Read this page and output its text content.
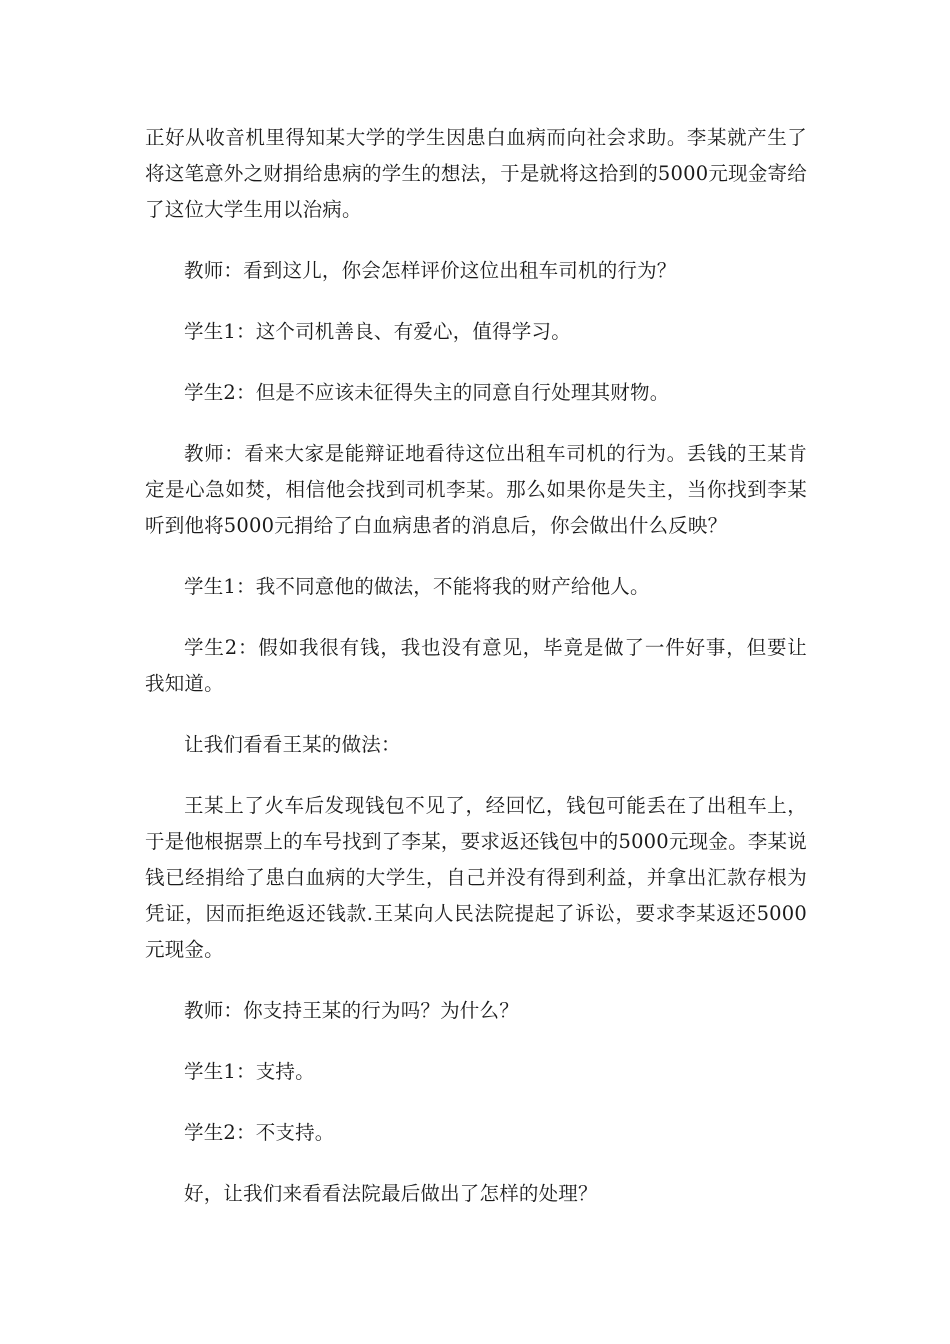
正好从收音机里得知某大学的学生因患白血病而向社会求助。李某就产生了将这笔意外之财捐给患病的学生的想法，于是就将这拾到的5000元现金寄给了这位大学生用以治病。

教师：看到这儿，你会怎样评价这位出租车司机的行为？

学生1：这个司机善良、有爱心，值得学习。

学生2：但是不应该未征得失主的同意自行处理其财物。

教师：看来大家是能辩证地看待这位出租车司机的行为。丢钱的王某肯定是心急如焚，相信他会找到司机李某。那么如果你是失主，当你找到李某听到他将5000元捐给了白血病患者的消息后，你会做出什么反映？

学生1：我不同意他的做法，不能将我的财产给他人。

学生2：假如我很有钱，我也没有意见，毕竟是做了一件好事，但要让我知道。

让我们看看王某的做法：

王某上了火车后发现钱包不见了，经回忆，钱包可能丢在了出租车上，于是他根据票上的车号找到了李某，要求返还钱包中的5000元现金。李某说钱已经捐给了患白血病的大学生，自己并没有得到利益，并拿出汇款存根为凭证，因而拒绝返还钱款.王某向人民法院提起了诉讼，要求李某返还5000元现金。

教师：你支持王某的行为吗？为什么？

学生1：支持。

学生2：不支持。

好，让我们来看看法院最后做出了怎样的处理？
